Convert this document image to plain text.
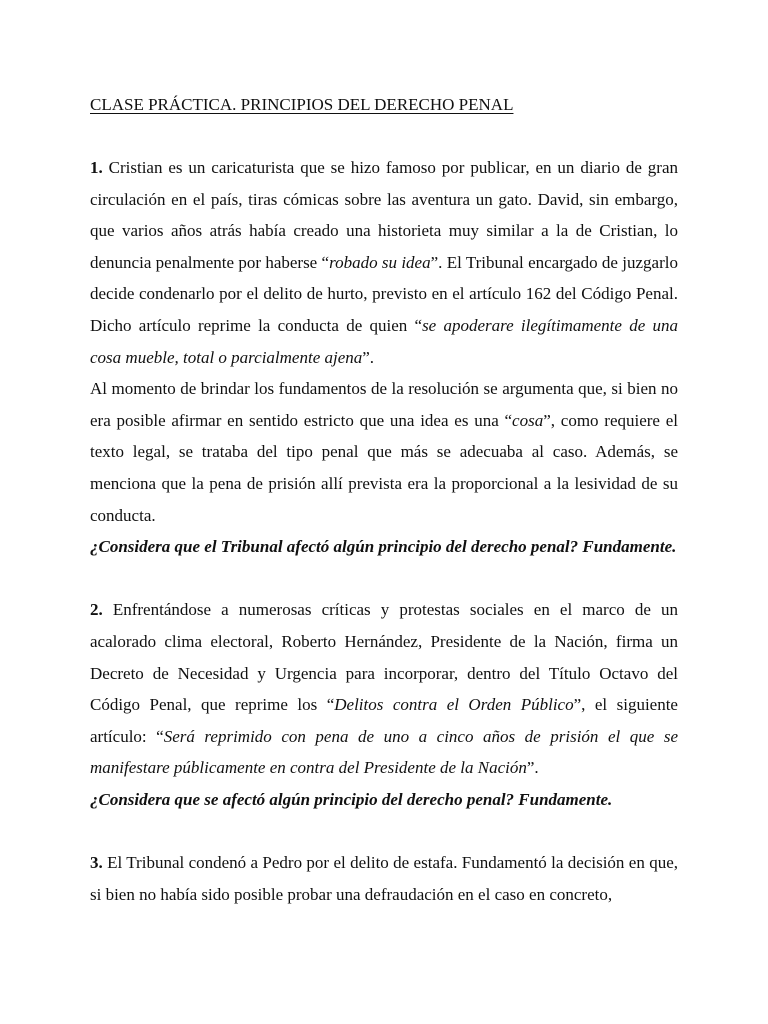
CLASE PRÁCTICA. PRINCIPIOS DEL DERECHO PENAL

1. Cristian es un caricaturista que se hizo famoso por publicar, en un diario de gran circulación en el país, tiras cómicas sobre las aventura un gato. David, sin embargo, que varios años atrás había creado una historieta muy similar a la de Cristian, lo denuncia penalmente por haberse “robado su idea”. El Tribunal encargado de juzgarlo decide condenarlo por el delito de hurto, previsto en el artículo 162 del Código Penal. Dicho artículo reprime la conducta de quien “se apoderare ilegítimamente de una cosa mueble, total o parcialmente ajena”.

Al momento de brindar los fundamentos de la resolución se argumenta que, si bien no era posible afirmar en sentido estricto que una idea es una “cosa”, como requiere el texto legal, se trataba del tipo penal que más se adecuaba al caso. Además, se menciona que la pena de prisión allí prevista era la proporcional a la lesividad de su conducta.

¿Considera que el Tribunal afectó algún principio del derecho penal? Fundamente.

2. Enfrentándose a numerosas críticas y protestas sociales en el marco de un acalorado clima electoral, Roberto Hernández, Presidente de la Nación, firma un Decreto de Necesidad y Urgencia para incorporar, dentro del Título Octavo del Código Penal, que reprime los “Delitos contra el Orden Público”, el siguiente artículo: “Será reprimido con pena de uno a cinco años de prisión el que se manifestare públicamente en contra del Presidente de la Nación”.

¿Considera que se afectó algún principio del derecho penal? Fundamente.

3. El Tribunal condenó a Pedro por el delito de estafa. Fundamentó la decisión en que, si bien no había sido posible probar una defraudación en el caso en concreto,
